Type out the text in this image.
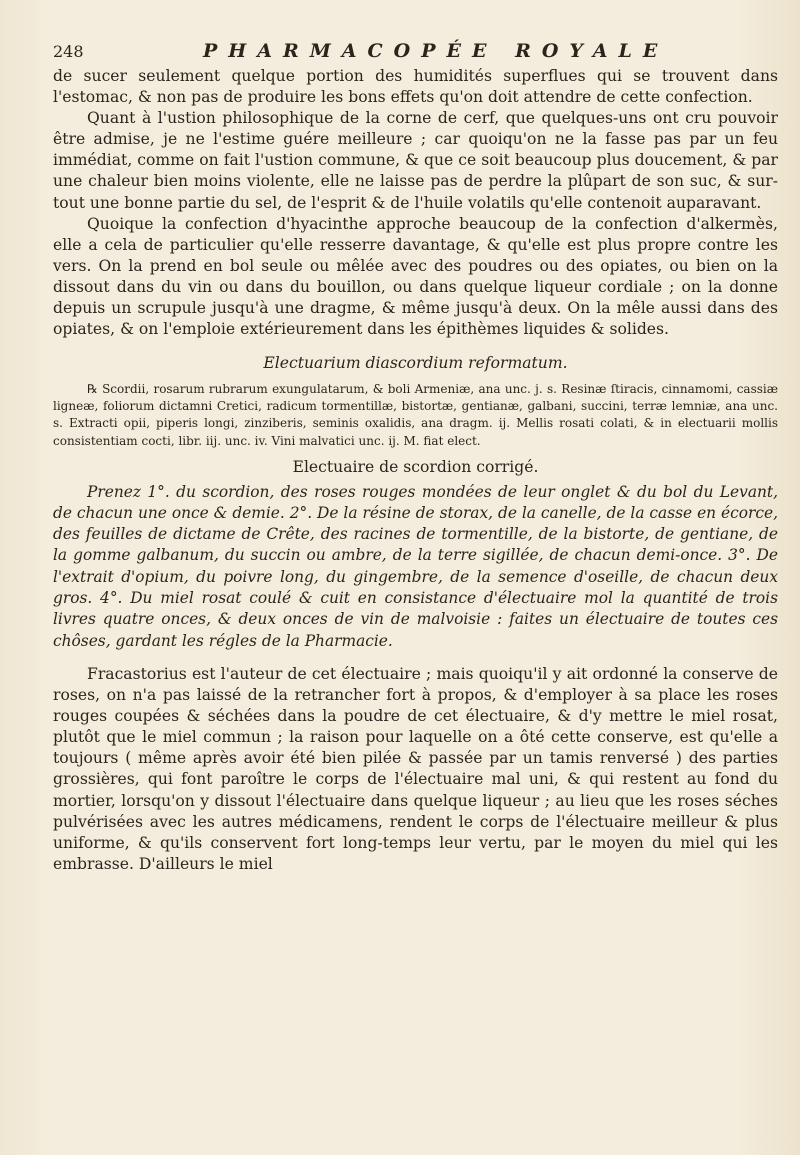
248	PHARMACOPÉE ROYALE

de sucer seulement quelque portion des humidités superflues qui se trouvent dans l'estomac, & non pas de produire les bons effets qu'on doit attendre de cette confection.

Quant à l'ustion philosophique de la corne de cerf, que quelques-uns ont cru pouvoir être admise, je ne l'estime guére meilleure ; car quoiqu'on ne la fasse pas par un feu immédiat, comme on fait l'ustion commune, & que ce soit beaucoup plus doucement, & par une chaleur bien moins violente, elle ne laisse pas de perdre la plûpart de son suc, & sur-tout une bonne partie du sel, de l'esprit & de l'huile volatils qu'elle contenoit auparavant.

Quoique la confection d'hyacinthe approche beaucoup de la confection d'alkermès, elle a cela de particulier qu'elle resserre davantage, & qu'elle est plus propre contre les vers. On la prend en bol seule ou mêlée avec des poudres ou des opiates, ou bien on la dissout dans du vin ou dans du bouillon, ou dans quelque liqueur cordiale ; on la donne depuis un scrupule jusqu'à une dragme, & même jusqu'à deux. On la mêle aussi dans des opiates, & on l'emploie extérieurement dans les épithèmes liquides & solides.

Electuarium diascordium reformatum.

℞ Scordii, rosarum rubrarum exungulatarum, & boli Armeniæ, ana unc. j. s. Resinæ ſtiracis, cinnamomi, cassiæ ligneæ, foliorum dictamni Cretici, radicum tormentillæ, bistortæ, gentianæ, galbani, succini, terræ lemniæ, ana unc. s. Extracti opii, piperis longi, zinziberis, seminis oxalidis, ana dragm. ij. Mellis rosati colati, & in electuarii mollis consistentiam cocti, libr. iij. unc. iv. Vini malvatici unc. ij. M. fiat elect.

Electuaire de scordion corrigé.

Prenez 1°. du scordion, des roses rouges mondées de leur onglet & du bol du Levant, de chacun une once & demie. 2°. De la résine de storax, de la canelle, de la casse en écorce, des feuilles de dictame de Crête, des racines de tormentille, de la bistorte, de gentiane, de la gomme galbanum, du succin ou ambre, de la terre sigillée, de chacun demi-once. 3°. De l'extrait d'opium, du poivre long, du gingembre, de la semence d'oseille, de chacun deux gros. 4°. Du miel rosat coulé & cuit en consistance d'électuaire mol la quantité de trois livres quatre onces, & deux onces de vin de malvoisie : faites un électuaire de toutes ces chôses, gardant les régles de la Pharmacie.

Fracastorius est l'auteur de cet électuaire ; mais quoiqu'il y ait ordonné la conserve de roses, on n'a pas laissé de la retrancher fort à propos, & d'employer à sa place les roses rouges coupées & séchées dans la poudre de cet électuaire, & d'y mettre le miel rosat, plutôt que le miel commun ; la raison pour laquelle on a ôté cette conserve, est qu'elle a toujours ( même après avoir été bien pilée & passée par un tamis renversé ) des parties grossières, qui font paroître le corps de l'électuaire mal uni, & qui restent au fond du mortier, lorsqu'on y dissout l'électuaire dans quelque liqueur ; au lieu que les roses séches pulvérisées avec les autres médicamens, rendent le corps de l'électuaire meilleur & plus uniforme, & qu'ils conservent fort long-temps leur vertu, par le moyen du miel qui les embrasse. D'ailleurs le miel
